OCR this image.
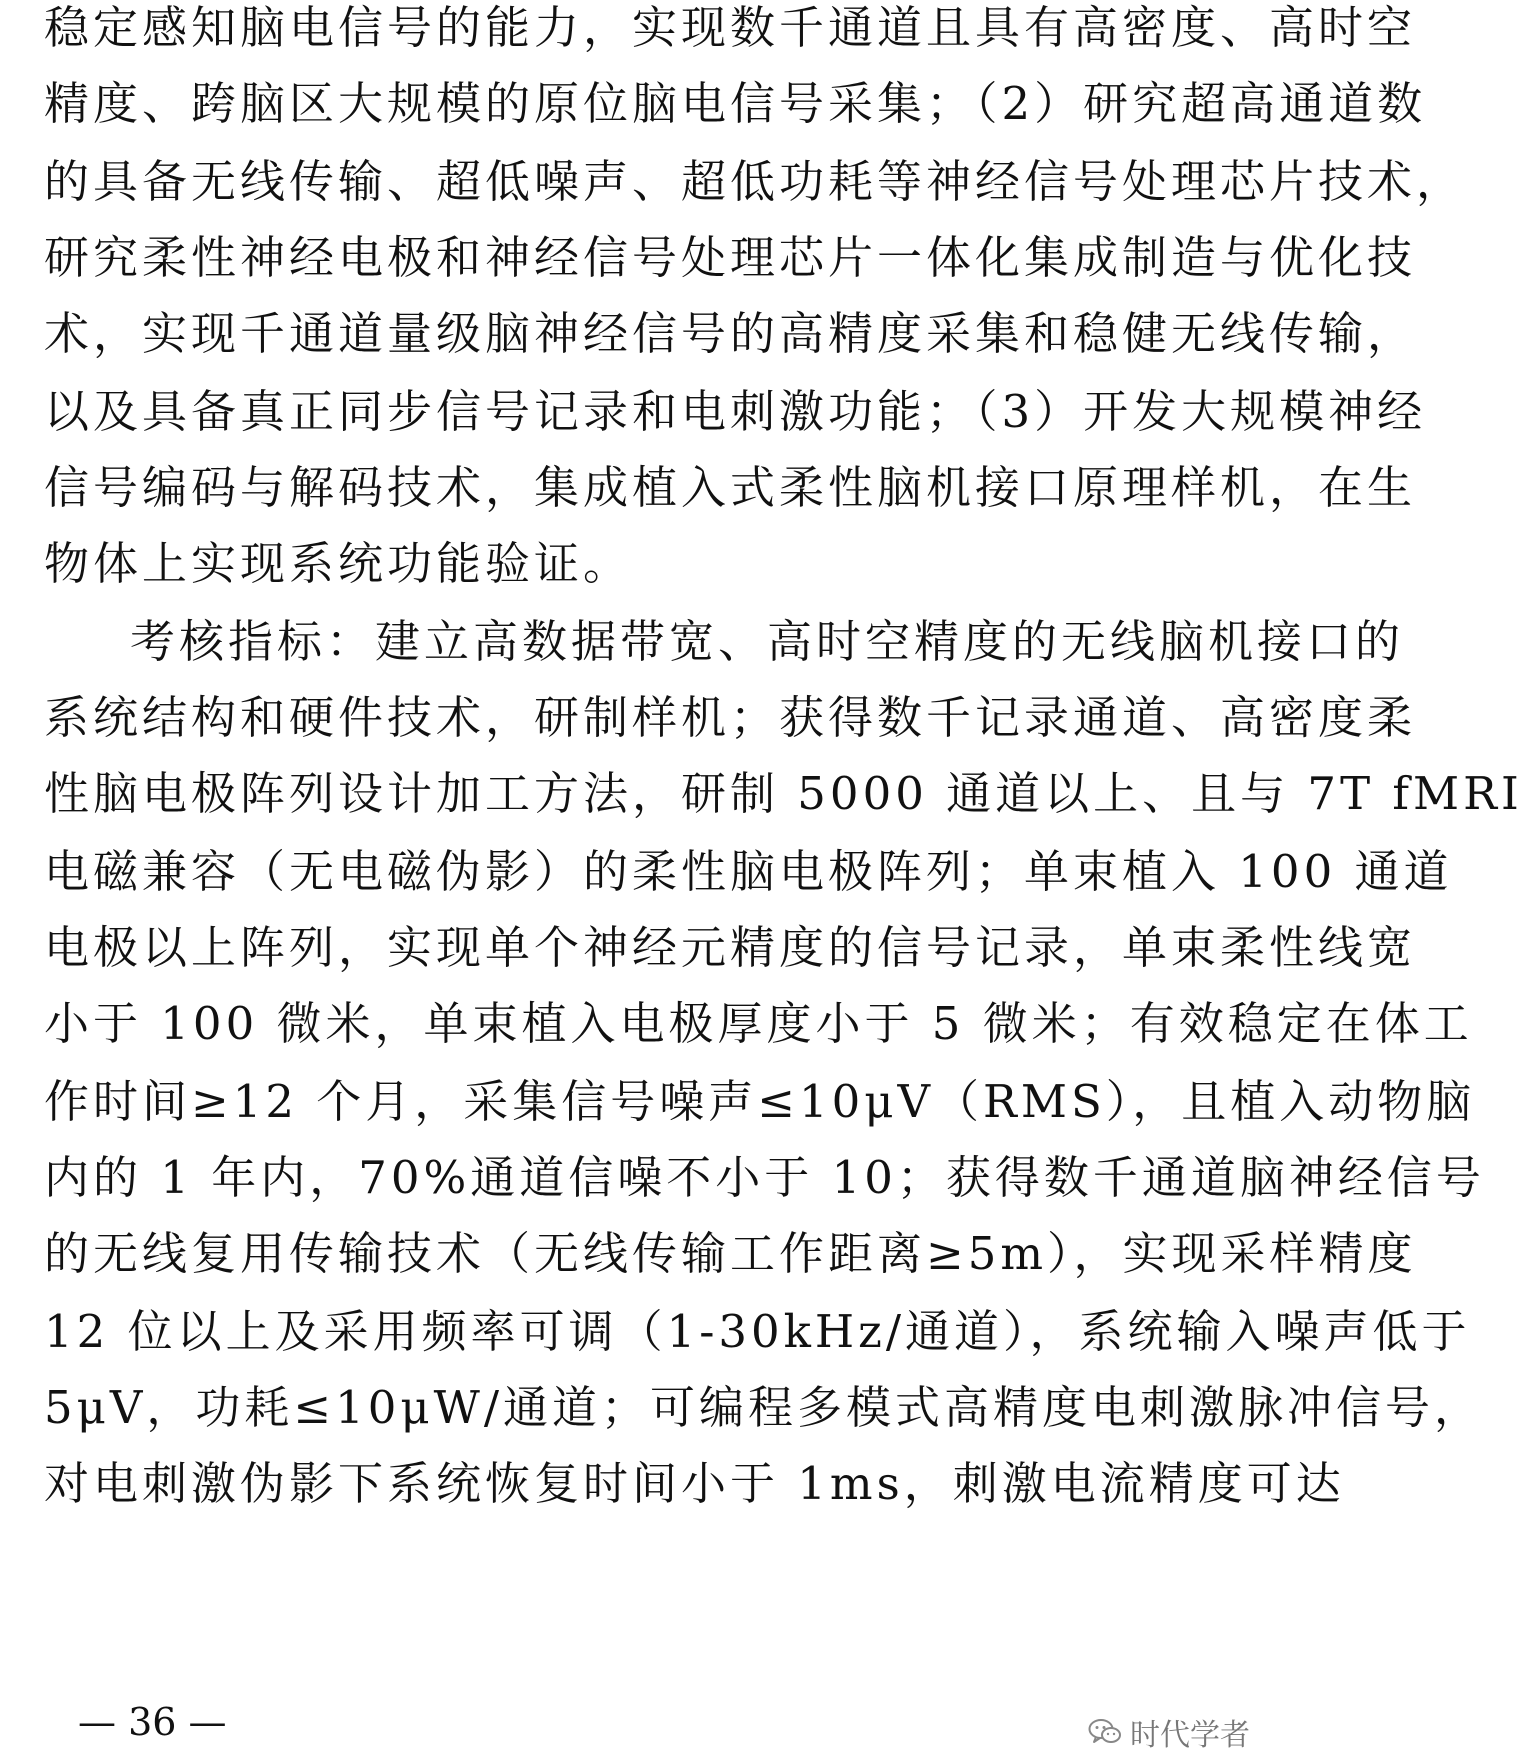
稳定感知脑电信号的能力，实现数千通道且具有高密度、高时空
精度、跨脑区大规模的原位脑电信号采集；（2）研究超高通道数
的具备无线传输、超低噪声、超低功耗等神经信号处理芯片技术，
研究柔性神经电极和神经信号处理芯片一体化集成制造与优化技
术，实现千通道量级脑神经信号的高精度采集和稳健无线传输，
以及具备真正同步信号记录和电刺激功能；（3）开发大规模神经
信号编码与解码技术，集成植入式柔性脑机接口原理样机，在生
物体上实现系统功能验证。
考核指标：建立高数据带宽、高时空精度的无线脑机接口的
系统结构和硬件技术，研制样机；获得数千记录通道、高密度柔
性脑电极阵列设计加工方法，研制 5000 通道以上、且与 7T fMRI
电磁兼容（无电磁伪影）的柔性脑电极阵列；单束植入 100 通道
电极以上阵列，实现单个神经元精度的信号记录，单束柔性线宽
小于 100 微米，单束植入电极厚度小于 5 微米；有效稳定在体工
作时间≥12 个月，采集信号噪声≤10μV（RMS），且植入动物脑
内的 1 年内，70%通道信噪不小于 10；获得数千通道脑神经信号
的无线复用传输技术（无线传输工作距离≥5m），实现采样精度
12 位以上及采用频率可调（1-30kHz/通道），系统输入噪声低于
5μV，功耗≤10μW/通道；可编程多模式高精度电刺激脉冲信号，
对电刺激伪影下系统恢复时间小于 1ms，刺激电流精度可达
— 36 —	时代学者
